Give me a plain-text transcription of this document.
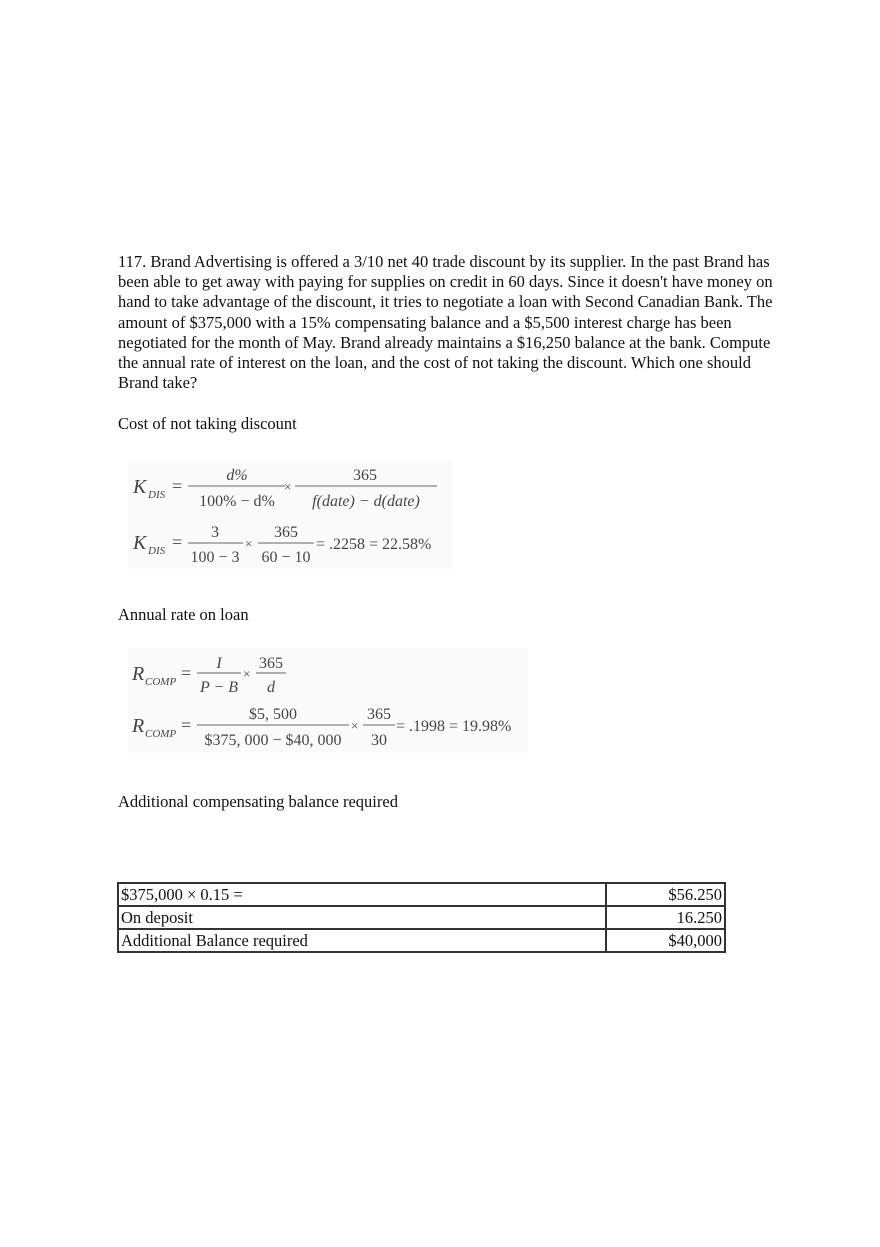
117. Brand Advertising is offered a 3/10 net 40 trade discount by its supplier. In the past Brand has been able to get away with paying for supplies on credit in 60 days. Since it doesn't have money on hand to take advantage of the discount, it tries to negotiate a loan with Second Canadian Bank. The amount of $375,000 with a 15% compensating balance and a $5,500 interest charge has been negotiated for the month of May. Brand already maintains a $16,250 balance at the bank. Compute the annual rate of interest on the loan, and the cost of not taking the discount. Which one should Brand take?

Cost of not taking discount
K DIS =
d%
100% − d%
×
365
f(date) − d(date)
K DIS = 3
100 − 3
×
365
60 − 10
= .2258 = 22.58%
Annual rate on loan
R COMP = I
P − B
×
365
d
R COMP =
$5, 500
$375, 000 − $40, 000
×
365
30
= .1998 = 19.98%
Additional compensating balance required
$375,000 × 0.15 =	$56.250
On deposit	16.250
Additional Balance required	$40,000
